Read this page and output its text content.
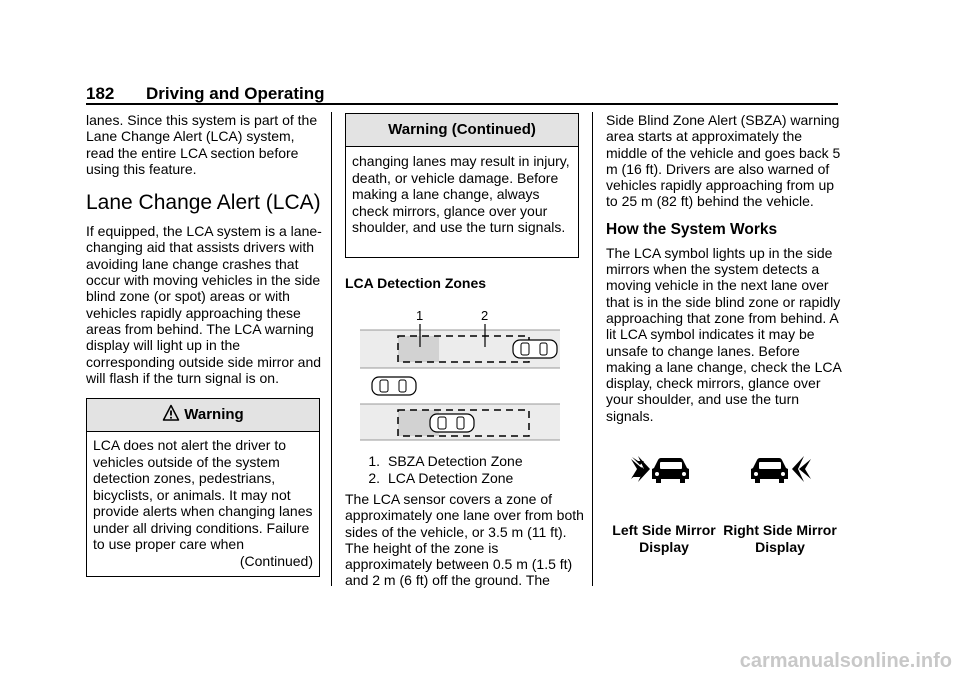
182 Driving and Operating

lanes. Since this system is part of the Lane Change Alert (LCA) system, read the entire LCA section before using this feature.

Lane Change Alert (LCA)

If equipped, the LCA system is a lane-changing aid that assists drivers with avoiding lane change crashes that occur with moving vehicles in the side blind zone (or spot) areas or with vehicles rapidly approaching these areas from behind. The LCA warning display will light up in the corresponding outside side mirror and will flash if the turn signal is on.

Warning
LCA does not alert the driver to vehicles outside of the system detection zones, pedestrians, bicyclists, or animals. It may not provide alerts when changing lanes under all driving conditions. Failure to use proper care when
(Continued)
Warning (Continued)
changing lanes may result in injury, death, or vehicle damage. Before making a lane change, always check mirrors, glance over your shoulder, and use the turn signals.
LCA Detection Zones
1	2
1. SBZA Detection Zone
2. LCA Detection Zone
The LCA sensor covers a zone of approximately one lane over from both sides of the vehicle, or 3.5 m (11 ft). The height of the zone is approximately between 0.5 m (1.5 ft) and 2 m (6 ft) off the ground. The

Side Blind Zone Alert (SBZA) warning area starts at approximately the middle of the vehicle and goes back 5 m (16 ft). Drivers are also warned of vehicles rapidly approaching from up to 25 m (82 ft) behind the vehicle.

How the System Works

The LCA symbol lights up in the side mirrors when the system detects a moving vehicle in the next lane over that is in the side blind zone or rapidly approaching that zone from behind. A lit LCA symbol indicates it may be unsafe to change lanes. Before making a lane change, check the LCA display, check mirrors, glance over your shoulder, and use the turn signals.

Left Side Mirror
Display
Right Side Mirror
Display
carmanualsonline.info
